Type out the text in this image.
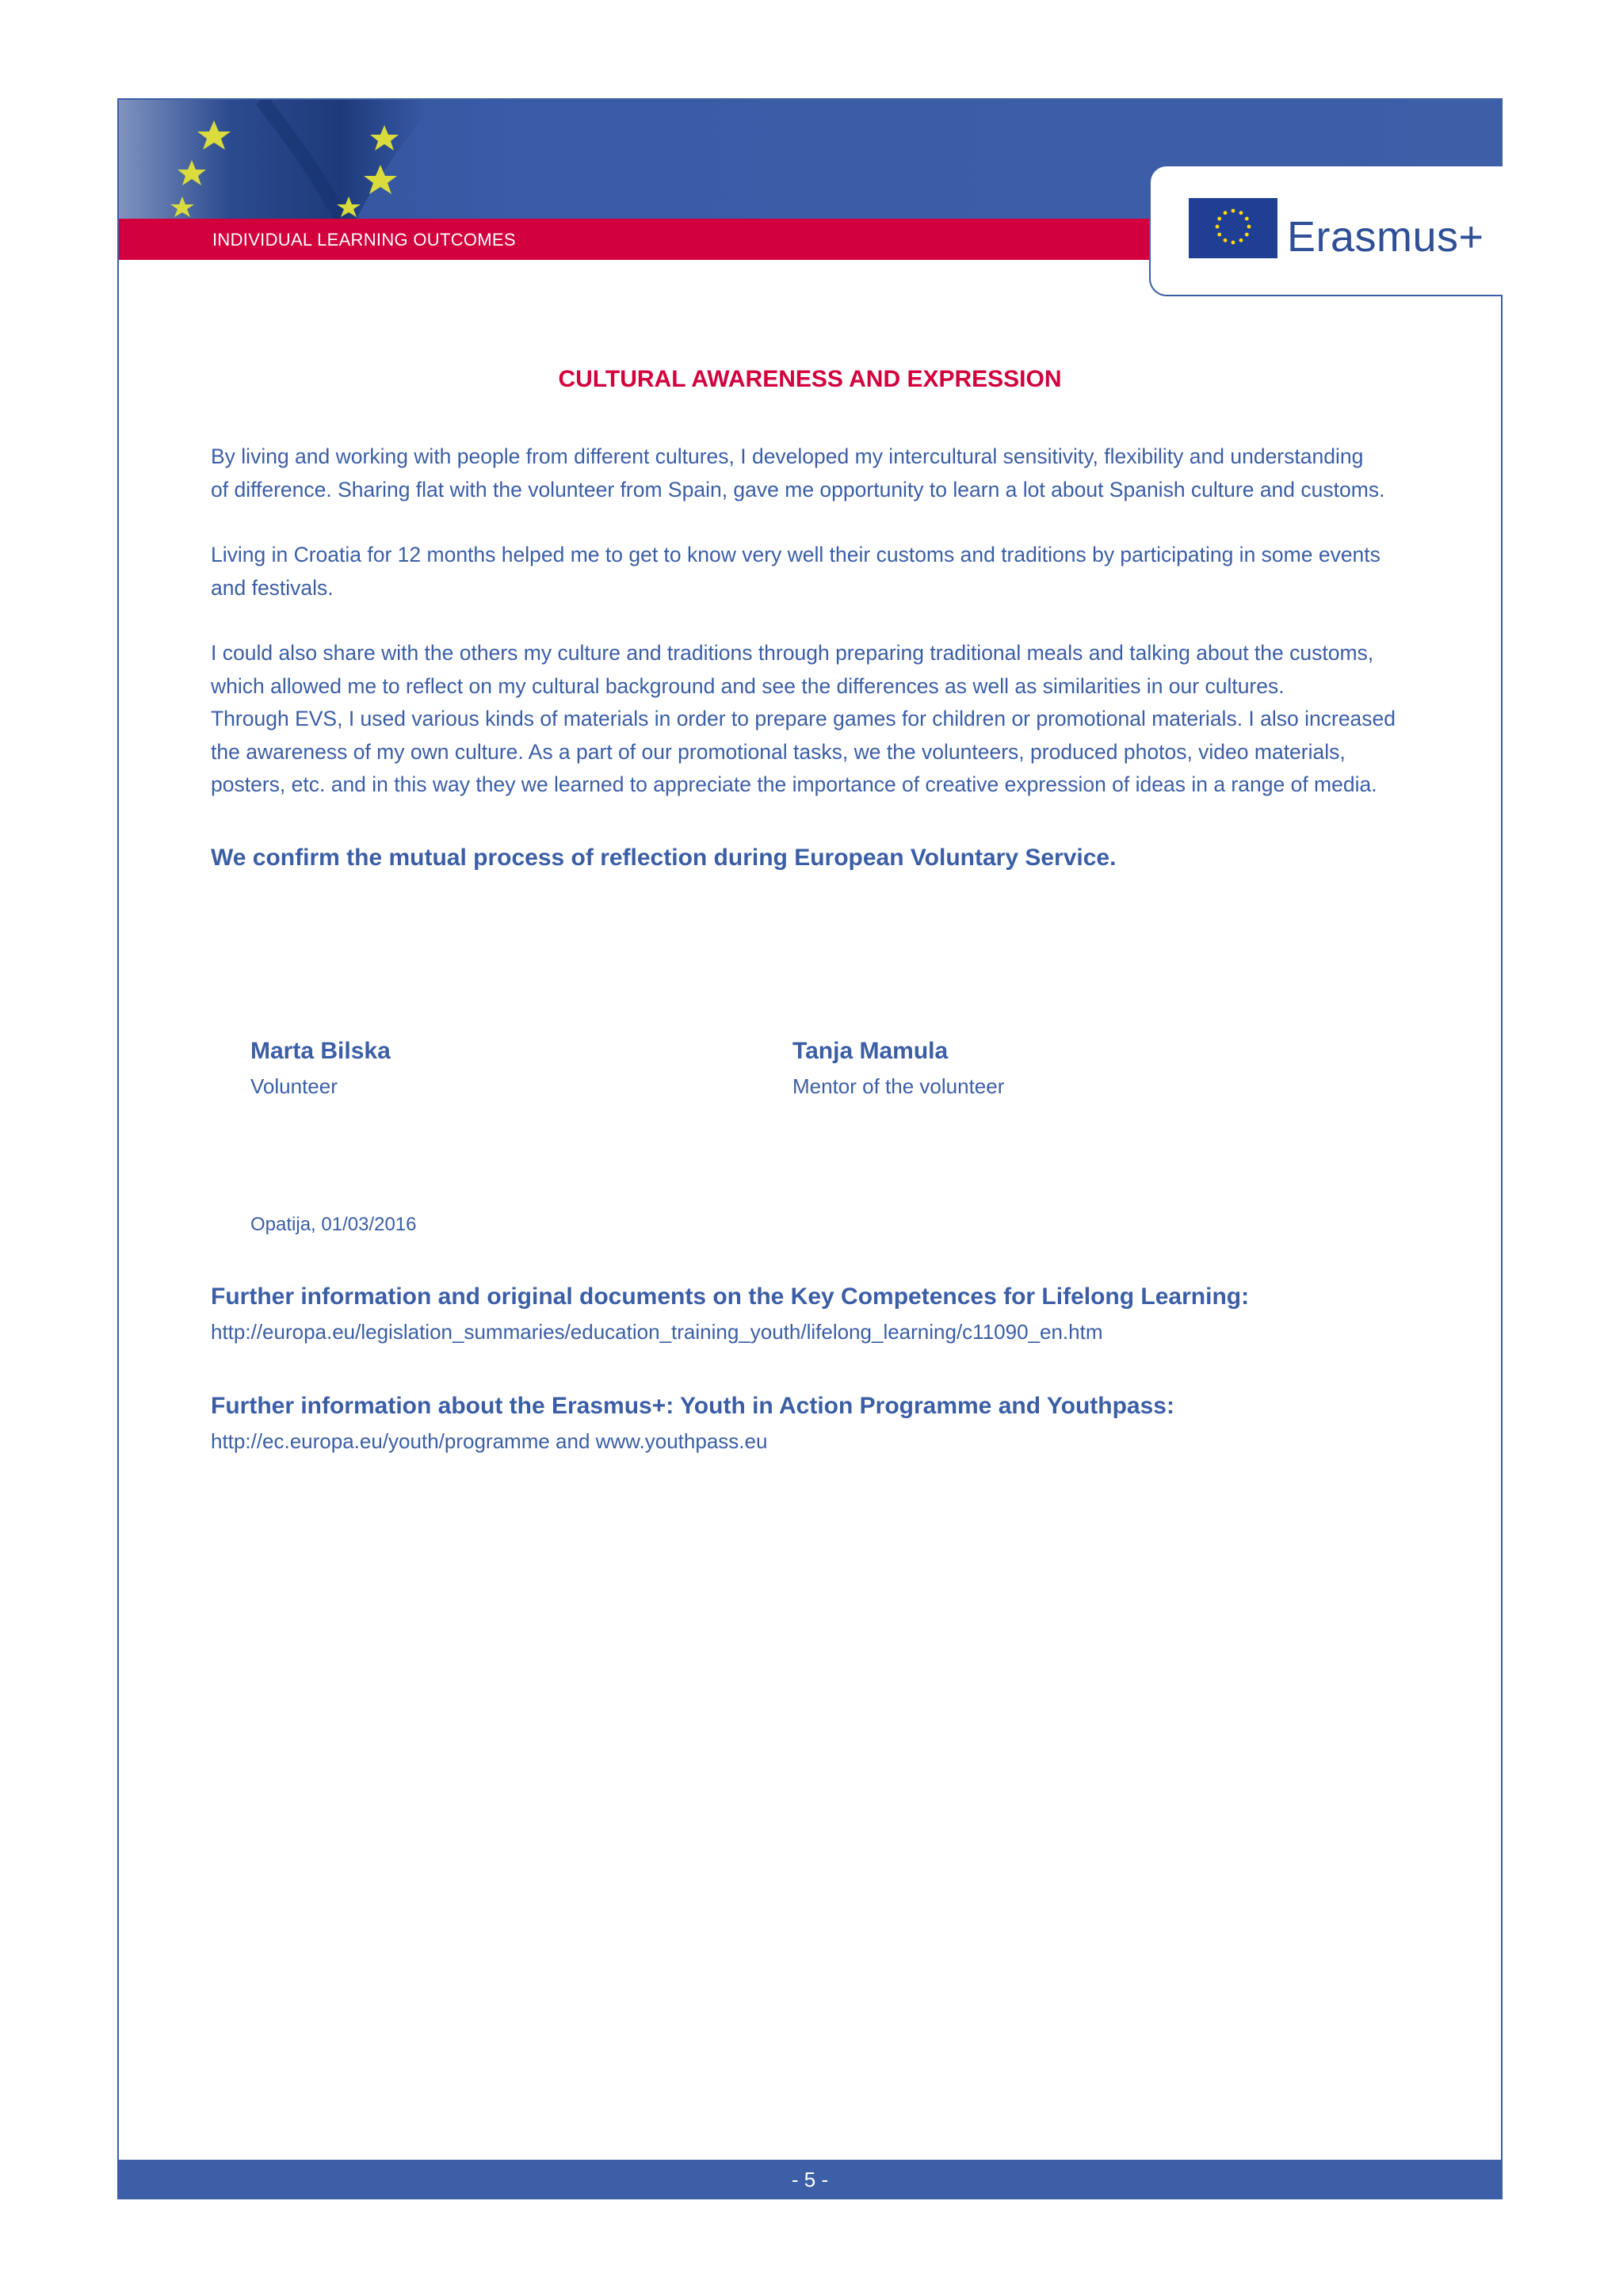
INDIVIDUAL LEARNING OUTCOMES	Erasmus+
CULTURAL AWARENESS AND EXPRESSION

By living and working with people from different cultures, I developed my intercultural sensitivity, flexibility and understanding
of difference. Sharing flat with the volunteer from Spain, gave me opportunity to learn a lot about Spanish culture and customs.

Living in Croatia for 12 months helped me to get to know very well their customs and traditions by participating in some events
and festivals.

I could also share with the others my culture and traditions through preparing traditional meals and talking about the customs,
which allowed me to reflect on my cultural background and see the differences as well as similarities in our cultures.
Through EVS, I used various kinds of materials in order to prepare games for children or promotional materials. I also increased
the awareness of my own culture. As a part of our promotional tasks, we the volunteers, produced photos, video materials,
posters, etc. and in this way they we learned to appreciate the importance of creative expression of ideas in a range of media.

We confirm the mutual process of reflection during European Voluntary Service.
Marta Bilska
Volunteer
Tanja Mamula
Mentor of the volunteer
Opatija, 01/03/2016
Further information and original documents on the Key Competences for Lifelong Learning:
http://europa.eu/legislation_summaries/education_training_youth/lifelong_learning/c11090_en.htm
Further information about the Erasmus+: Youth in Action Programme and Youthpass:
http://ec.europa.eu/youth/programme and www.youthpass.eu
- 5 -
